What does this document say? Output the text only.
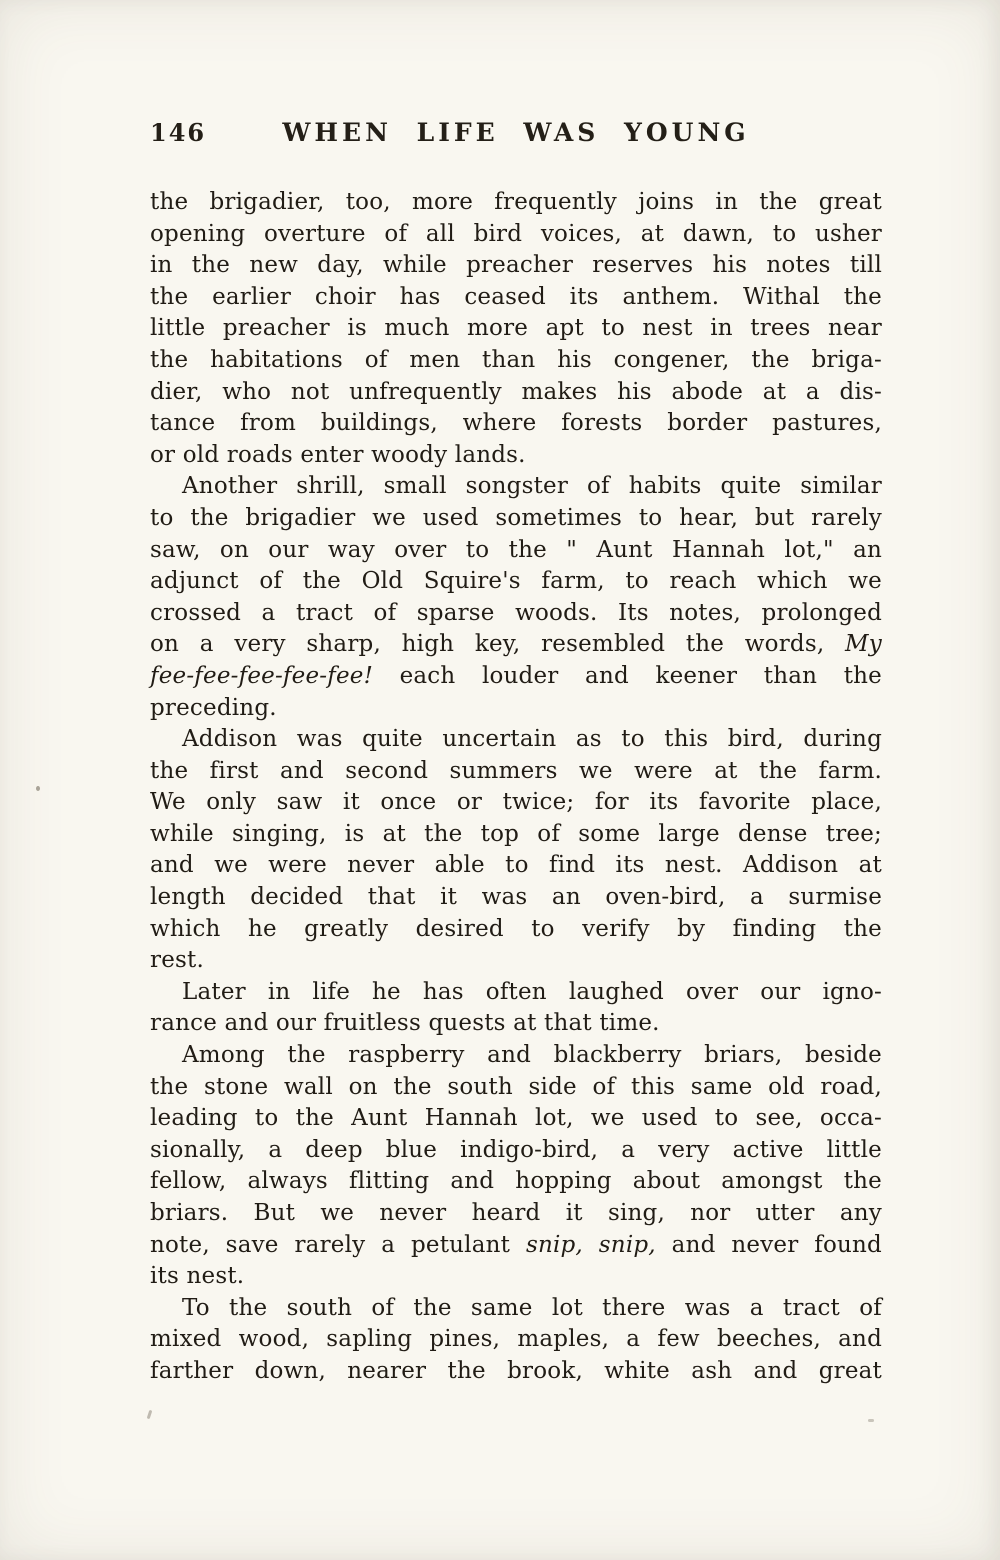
146	WHEN LIFE WAS YOUNG
the brigadier, too, more frequently joins in the great
opening overture of all bird voices, at dawn, to usher
in the new day, while preacher reserves his notes till
the earlier choir has ceased its anthem. Withal the
little preacher is much more apt to nest in trees near
the habitations of men than his congener, the briga-
dier, who not unfrequently makes his abode at a dis-
tance from buildings, where forests border pastures,
or old roads enter woody lands.
Another shrill, small songster of habits quite similar
to the brigadier we used sometimes to hear, but rarely
saw, on our way over to the " Aunt Hannah lot," an
adjunct of the Old Squire's farm, to reach which we
crossed a tract of sparse woods. Its notes, prolonged
on a very sharp, high key, resembled the words, My
fee-fee-fee-fee-fee! each louder and keener than the
preceding.
Addison was quite uncertain as to this bird, during
the first and second summers we were at the farm.
We only saw it once or twice; for its favorite place,
while singing, is at the top of some large dense tree;
and we were never able to find its nest. Addison at
length decided that it was an oven-bird, a surmise
which he greatly desired to verify by finding the
rest.
Later in life he has often laughed over our igno-
rance and our fruitless quests at that time.
Among the raspberry and blackberry briars, beside
the stone wall on the south side of this same old road,
leading to the Aunt Hannah lot, we used to see, occa-
sionally, a deep blue indigo-bird, a very active little
fellow, always flitting and hopping about amongst the
briars. But we never heard it sing, nor utter any
note, save rarely a petulant snip, snip, and never found
its nest.
To the south of the same lot there was a tract of
mixed wood, sapling pines, maples, a few beeches, and
farther down, nearer the brook, white ash and great
